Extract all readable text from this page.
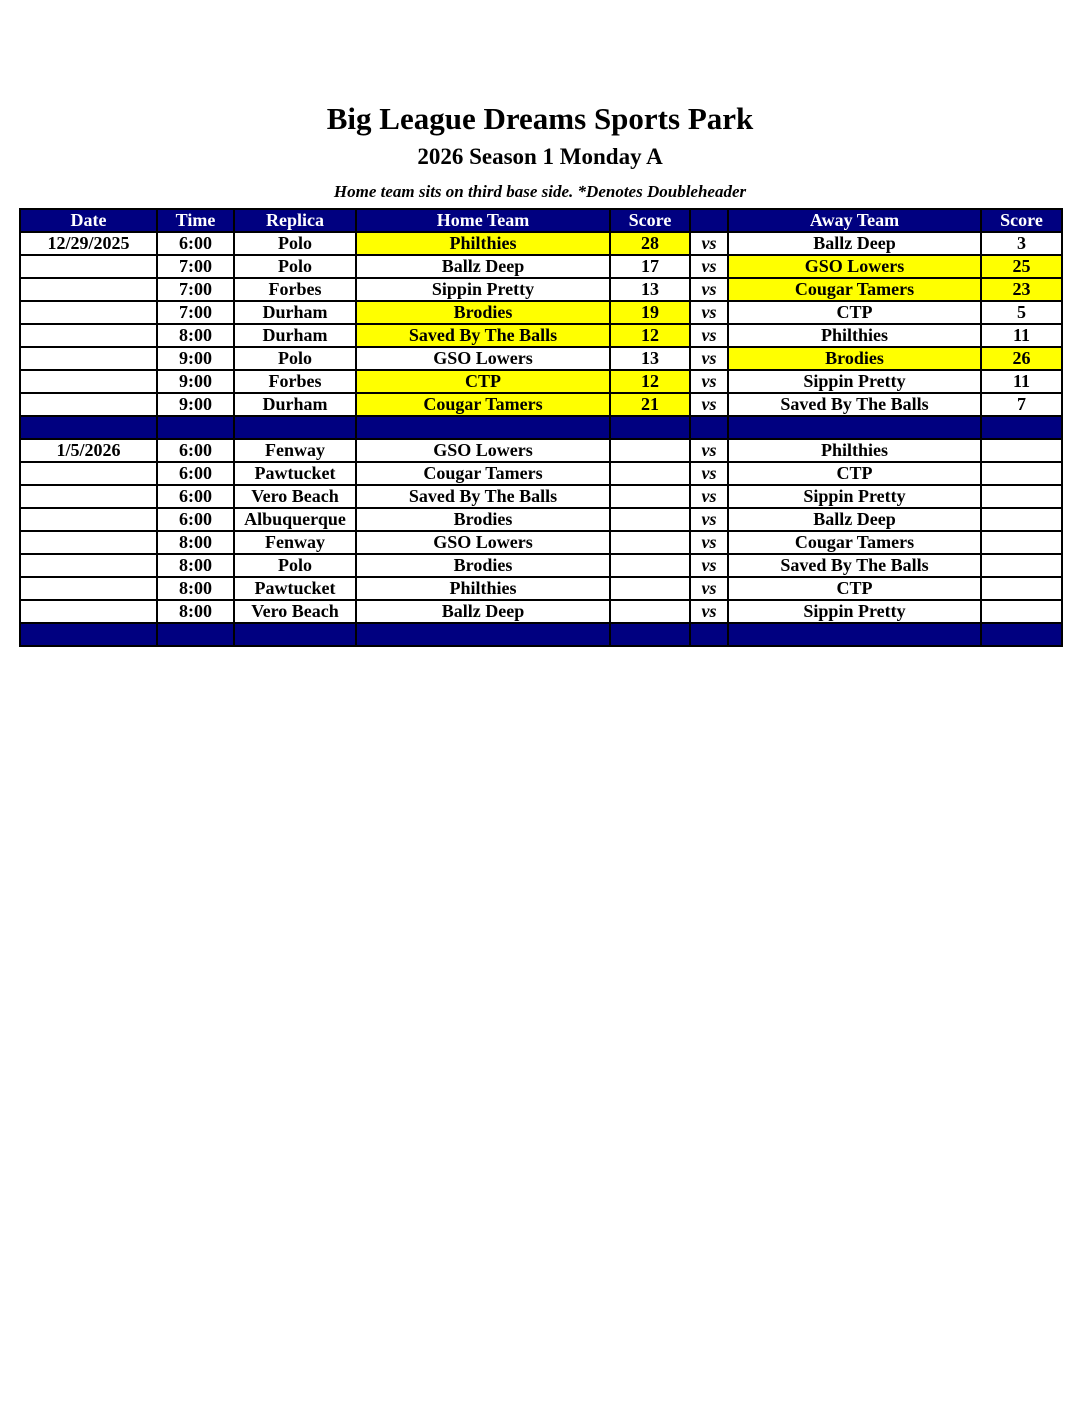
Big League Dreams Sports Park
2026 Season 1 Monday A
Home team sits on third base side. *Denotes Doubleheader
Date	Time	Replica	Home Team	Score		Away Team	Score
12/29/2025	6:00	Polo	Philthies	28	vs	Ballz Deep	3
	7:00	Polo	Ballz Deep	17	vs	GSO Lowers	25
	7:00	Forbes	Sippin Pretty	13	vs	Cougar Tamers	23
	7:00	Durham	Brodies	19	vs	CTP	5
	8:00	Durham	Saved By The Balls	12	vs	Philthies	11
	9:00	Polo	GSO Lowers	13	vs	Brodies	26
	9:00	Forbes	CTP	12	vs	Sippin Pretty	11
	9:00	Durham	Cougar Tamers	21	vs	Saved By The Balls	7

1/5/2026	6:00	Fenway	GSO Lowers		vs	Philthies	
	6:00	Pawtucket	Cougar Tamers		vs	CTP	
	6:00	Vero Beach	Saved By The Balls		vs	Sippin Pretty	
	6:00	Albuquerque	Brodies		vs	Ballz Deep	
	8:00	Fenway	GSO Lowers		vs	Cougar Tamers	
	8:00	Polo	Brodies		vs	Saved By The Balls	
	8:00	Pawtucket	Philthies		vs	CTP	
	8:00	Vero Beach	Ballz Deep		vs	Sippin Pretty	
